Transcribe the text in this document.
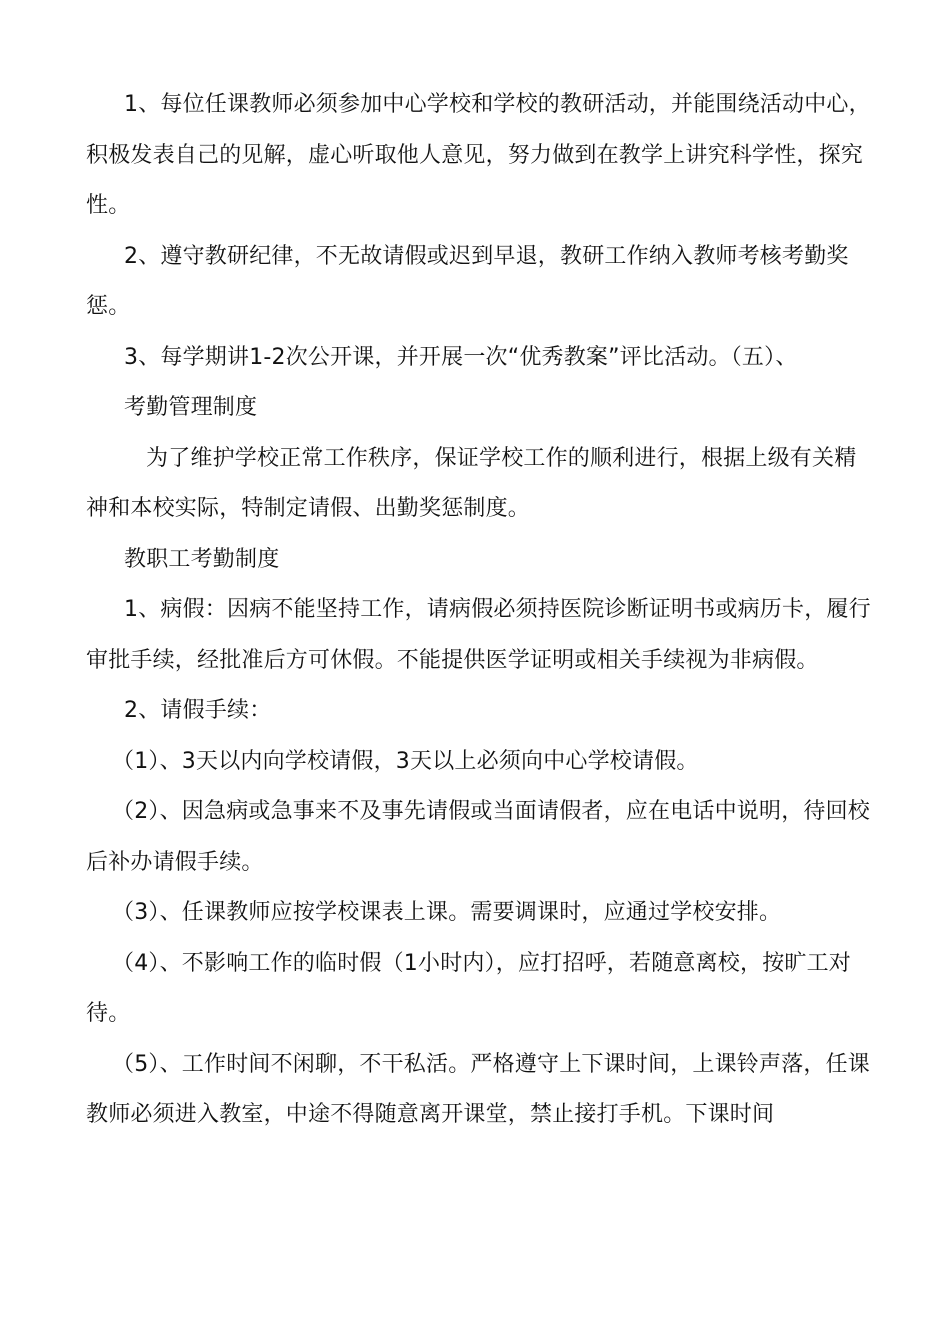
1、每位任课教师必须参加中心学校和学校的教研活动，并能围绕活动中心，积极发表自己的见解，虚心听取他人意见，努力做到在教学上讲究科学性，探究性。

2、遵守教研纪律，不无故请假或迟到早退，教研工作纳入教师考核考勤奖惩。

3、每学期讲1-2次公开课，并开展一次“优秀教案”评比活动。（五）、

考勤管理制度

为了维护学校正常工作秩序，保证学校工作的顺利进行，根据上级有关精神和本校实际，特制定请假、出勤奖惩制度。

教职工考勤制度

1、病假：因病不能坚持工作，请病假必须持医院诊断证明书或病历卡，履行审批手续，经批准后方可休假。不能提供医学证明或相关手续视为非病假。

2、请假手续：

（1）、3天以内向学校请假，3天以上必须向中心学校请假。

（2）、因急病或急事来不及事先请假或当面请假者，应在电话中说明，待回校后补办请假手续。

（3）、任课教师应按学校课表上课。需要调课时，应通过学校安排。

（4）、不影响工作的临时假（1小时内），应打招呼，若随意离校，按旷工对待。

（5）、工作时间不闲聊，不干私活。严格遵守上下课时间，上课铃声落，任课教师必须进入教室，中途不得随意离开课堂，禁止接打手机。下课时间
